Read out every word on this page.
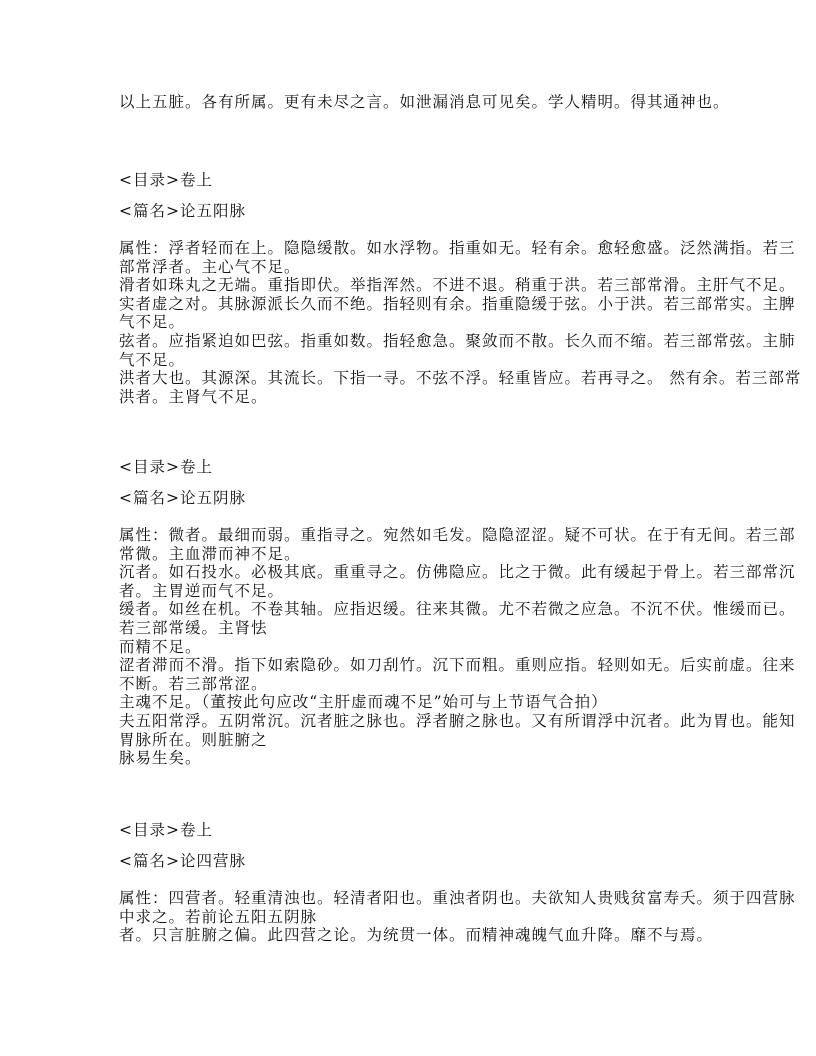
以上五脏。各有所属。更有未尽之言。如泄漏消息可见矣。学人精明。得其通神也。
<目录>卷上
<篇名>论五阳脉
属性：浮者轻而在上。隐隐缓散。如水浮物。指重如无。轻有余。愈轻愈盛。泛然满指。若三
部常浮者。主心气不足。
滑者如珠丸之无端。重指即伏。举指浑然。不进不退。稍重于洪。若三部常滑。主肝气不足。
实者虚之对。其脉源派长久而不绝。指轻则有余。指重隐缓于弦。小于洪。若三部常实。主脾
气不足。
弦者。应指紧迫如巴弦。指重如数。指轻愈急。聚敛而不散。长久而不缩。若三部常弦。主肺
气不足。
洪者大也。其源深。其流长。下指一寻。不弦不浮。轻重皆应。若再寻之。 然有余。若三部常
洪者。主肾气不足。
<目录>卷上
<篇名>论五阴脉
属性：微者。最细而弱。重指寻之。宛然如毛发。隐隐涩涩。疑不可状。在于有无间。若三部
常微。主血滞而神不足。
沉者。如石投水。必极其底。重重寻之。仿佛隐应。比之于微。此有缓起于骨上。若三部常沉
者。主胃逆而气不足。
缓者。如丝在机。不卷其轴。应指迟缓。往来其微。尤不若微之应急。不沉不伏。惟缓而已。
若三部常缓。主肾怯
而精不足。
涩者滞而不滑。指下如索隐砂。如刀刮竹。沉下而粗。重则应指。轻则如无。后实前虚。往来
不断。若三部常涩。
主魂不足。（董按此句应改“主肝虚而魂不足”始可与上节语气合拍）
夫五阳常浮。五阴常沉。沉者脏之脉也。浮者腑之脉也。又有所谓浮中沉者。此为胃也。能知
胃脉所在。则脏腑之
脉易生矣。
<目录>卷上
<篇名>论四营脉
属性：四营者。轻重清浊也。轻清者阳也。重浊者阴也。夫欲知人贵贱贫富寿夭。须于四营脉
中求之。若前论五阳五阴脉
者。只言脏腑之偏。此四营之论。为统贯一体。而精神魂魄气血升降。靡不与焉。
